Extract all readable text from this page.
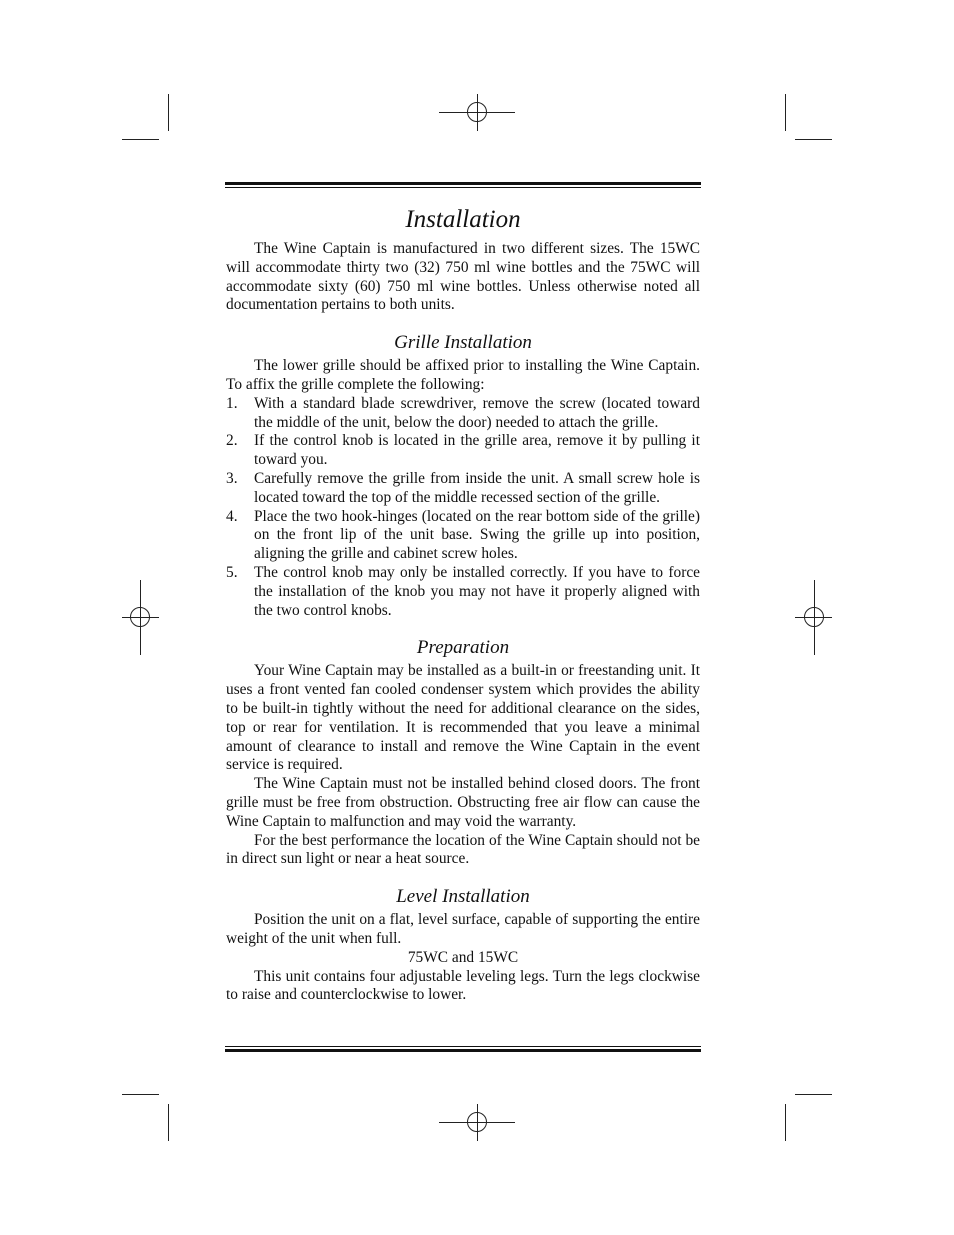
Installation

The Wine Captain is manufactured in two different sizes. The 15WC will accommodate thirty two (32) 750 ml wine bottles and the 75WC will accommodate sixty (60) 750 ml wine bottles. Unless otherwise noted all documentation pertains to both units.

Grille Installation

The lower grille should be affixed prior to installing the Wine Captain. To affix the grille complete the following:

1. With a standard blade screwdriver, remove the screw (located toward the middle of the unit, below the door) needed to attach the grille.
2. If the control knob is located in the grille area, remove it by pulling it toward you.
3. Carefully remove the grille from inside the unit. A small screw hole is located toward the top of the middle recessed section of the grille.
4. Place the two hook-hinges (located on the rear bottom side of the grille) on the front lip of the unit base. Swing the grille up into position, aligning the grille and cabinet screw holes.
5. The control knob may only be installed correctly. If you have to force the installation of the knob you may not have it properly aligned with the two control knobs.
Preparation

Your Wine Captain may be installed as a built-in or freestanding unit. It uses a front vented fan cooled condenser system which provides the ability to be built-in tightly without the need for additional clearance on the sides, top or rear for ventilation. It is recommended that you leave a minimal amount of clearance to install and remove the Wine Captain in the event service is required.

The Wine Captain must not be installed behind closed doors. The front grille must be free from obstruction. Obstructing free air flow can cause the Wine Captain to malfunction and may void the warranty.

For the best performance the location of the Wine Captain should not be in direct sun light or near a heat source.

Level Installation

Position the unit on a flat, level surface, capable of supporting the entire weight of the unit when full.

75WC and 15WC

This unit contains four adjustable leveling legs. Turn the legs clockwise to raise and counterclockwise to lower.
